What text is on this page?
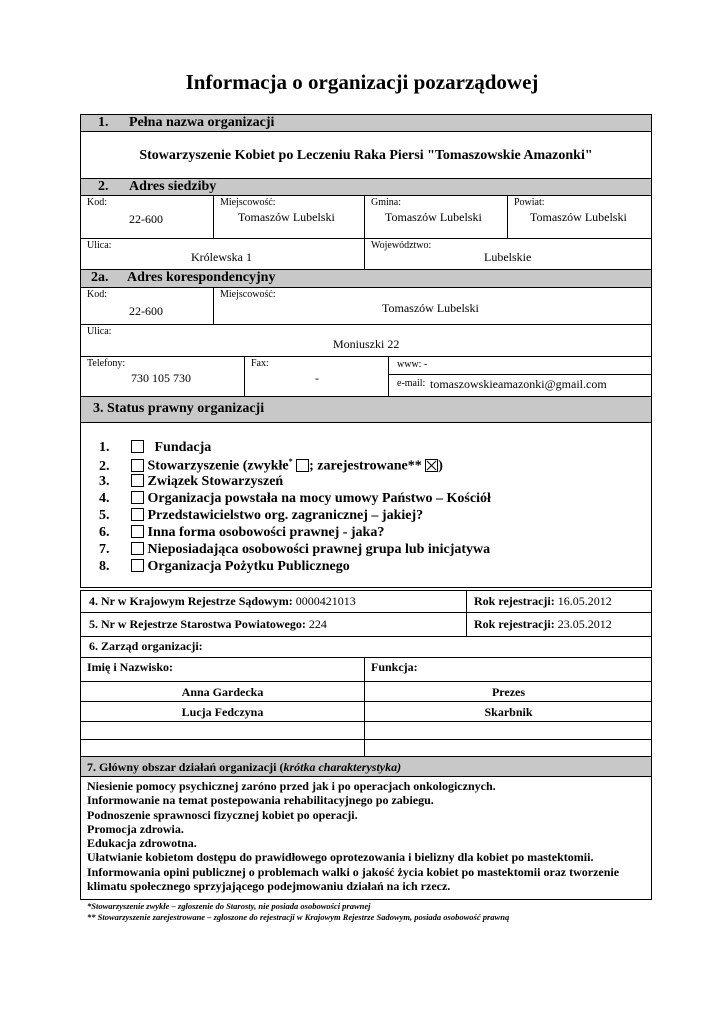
Informacja o organizacji pozarządowej
1. Pełna nazwa organizacji
Stowarzyszenie Kobiet po Leczeniu Raka Piersi "Tomaszowskie Amazonki"
2. Adres siedziby
Kod:
22-600
Miejscowość:
Tomaszów Lubelski
Gmina:
Tomaszów Lubelski
Powiat:
Tomaszów Lubelski
Ulica:
Królewska 1
Województwo:
Lubelskie
2a. Adres korespondencyjny
Kod:
22-600
Miejscowość:
Tomaszów Lubelski
Ulica:
Moniuszki 22
Telefony:
730 105 730
Fax:
-
www: -
e-mail: tomaszowskieamazonki@gmail.com
3. Status prawny organizacji
1.	Fundacja
2.	Stowarzyszenie (zwykłe* ; zarejestrowane** )
3.	Związek Stowarzyszeń
4.	Organizacja powstała na mocy umowy Państwo – Kościół
5.	Przedstawicielstwo org. zagranicznej – jakiej?
6.	Inna forma osobowości prawnej - jaka?
7.	Nieposiadająca osobowości prawnej grupa lub inicjatywa
8.	Organizacja Pożytku Publicznego
4. Nr w Krajowym Rejestrze Sądowym: 0000421013	Rok rejestracji: 16.05.2012
5. Nr w Rejestrze Starostwa Powiatowego: 224	Rok rejestracji: 23.05.2012
6. Zarząd organizacji:
Imię i Nazwisko:	Funkcja:
Anna Gardecka	Prezes
Lucja Fedczyna	Skarbnik
7. Główny obszar działań organizacji (krótka charakterystyka)
Niesienie pomocy psychicznej zaróno przed jak i po operacjach onkologicznych.
Informowanie na temat postepowania rehabilitacyjnego po zabiegu.
Podnoszenie sprawnosci fizycznej kobiet po operacji.
Promocja zdrowia.
Edukacja zdrowotna.
Ułatwianie kobietom dostępu do prawidłowego oprotezowania i bielizny dla kobiet po mastektomii.
Informowania opini publicznej o problemach walki o jakość życia kobiet po mastektomii oraz tworzenie
klimatu społecznego sprzyjającego podejmowaniu działań na ich rzecz.
*Stowarzyszenie zwykłe – zgłoszenie do Starosty, nie posiada osobowości prawnej
** Stowarzyszenie zarejestrowane – zgłoszone do rejestracji w Krajowym Rejestrze Sadowym, posiada osobowość prawną
